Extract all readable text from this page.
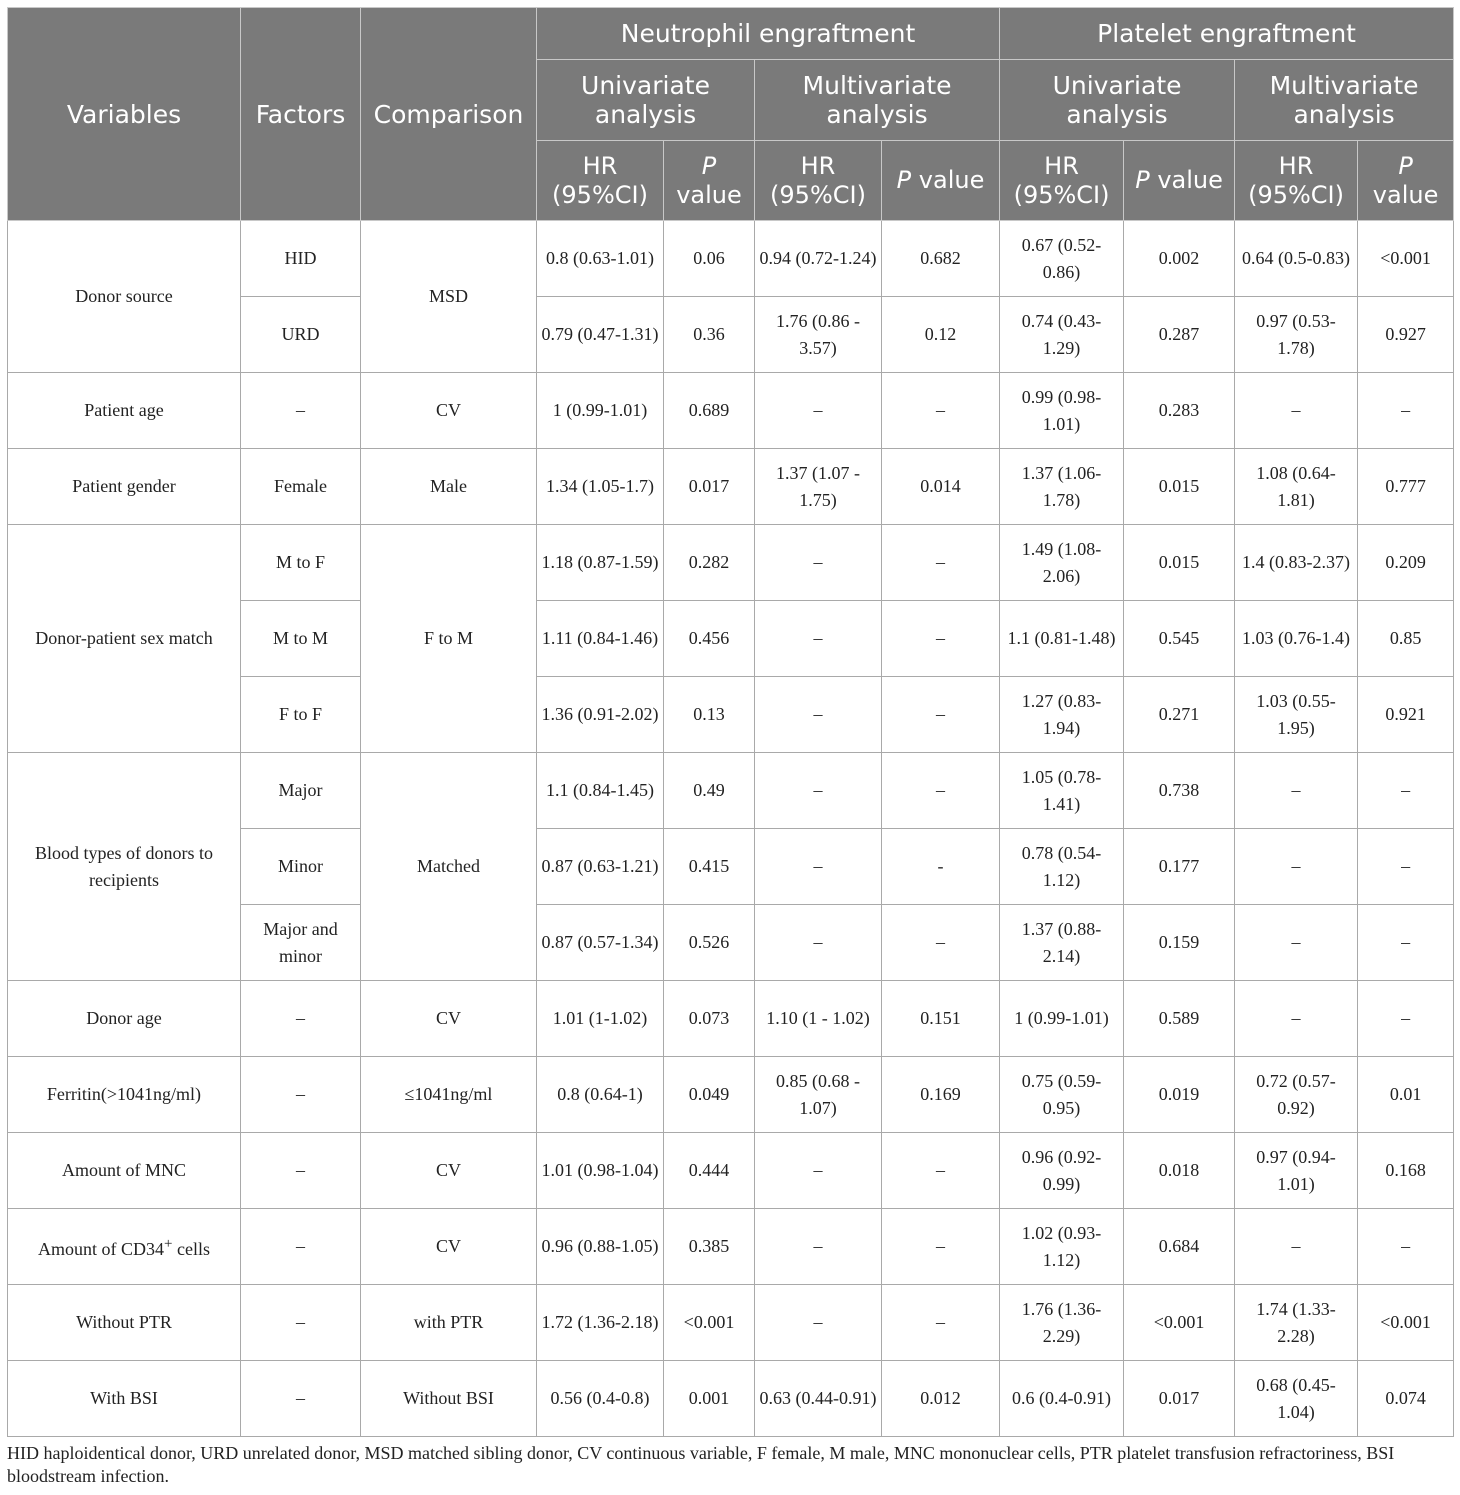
Variables	Factors	Comparison	Neutrophil engraftment				Platelet engraftment			
			Univariate analysis		Multivariate analysis		Univariate analysis		Multivariate analysis	
			HR (95%CI)	P value	HR (95%CI)	P value	HR (95%CI)	P value	HR (95%CI)	P value
Donor source	HID	MSD	0.8 (0.63-1.01)	0.06	0.94 (0.72-1.24)	0.682	0.67 (0.52-0.86)	0.002	0.64 (0.5-0.83)	<0.001
	URD		0.79 (0.47-1.31)	0.36	1.76 (0.86 - 3.57)	0.12	0.74 (0.43-1.29)	0.287	0.97 (0.53-1.78)	0.927
Patient age	–	CV	1 (0.99-1.01)	0.689	–	–	0.99 (0.98-1.01)	0.283	–	–
Patient gender	Female	Male	1.34 (1.05-1.7)	0.017	1.37 (1.07 - 1.75)	0.014	1.37 (1.06-1.78)	0.015	1.08 (0.64-1.81)	0.777
Donor-patient sex match	M to F	F to M	1.18 (0.87-1.59)	0.282	–	–	1.49 (1.08-2.06)	0.015	1.4 (0.83-2.37)	0.209
	M to M		1.11 (0.84-1.46)	0.456	–	–	1.1 (0.81-1.48)	0.545	1.03 (0.76-1.4)	0.85
	F to F		1.36 (0.91-2.02)	0.13	–	–	1.27 (0.83-1.94)	0.271	1.03 (0.55-1.95)	0.921
Blood types of donors to recipients	Major	Matched	1.1 (0.84-1.45)	0.49	–	–	1.05 (0.78-1.41)	0.738	–	–
	Minor		0.87 (0.63-1.21)	0.415	–	-	0.78 (0.54-1.12)	0.177	–	–
	Major and minor		0.87 (0.57-1.34)	0.526	–	–	1.37 (0.88-2.14)	0.159	–	–
Donor age	–	CV	1.01 (1-1.02)	0.073	1.10 (1 - 1.02)	0.151	1 (0.99-1.01)	0.589	–	–
Ferritin(>1041ng/ml)	–	≤1041ng/ml	0.8 (0.64-1)	0.049	0.85 (0.68 - 1.07)	0.169	0.75 (0.59-0.95)	0.019	0.72 (0.57-0.92)	0.01
Amount of MNC	–	CV	1.01 (0.98-1.04)	0.444	–	–	0.96 (0.92-0.99)	0.018	0.97 (0.94-1.01)	0.168
Amount of CD34+ cells	–	CV	0.96 (0.88-1.05)	0.385	–	–	1.02 (0.93-1.12)	0.684	–	–
Without PTR	–	with PTR	1.72 (1.36-2.18)	<0.001	–	–	1.76 (1.36-2.29)	<0.001	1.74 (1.33-2.28)	<0.001
With BSI	–	Without BSI	0.56 (0.4-0.8)	0.001	0.63 (0.44-0.91)	0.012	0.6 (0.4-0.91)	0.017	0.68 (0.45-1.04)	0.074
HID haploidentical donor, URD unrelated donor, MSD matched sibling donor, CV continuous variable, F female, M male, MNC mononuclear cells, PTR platelet transfusion refractoriness, BSI bloodstream infection.
